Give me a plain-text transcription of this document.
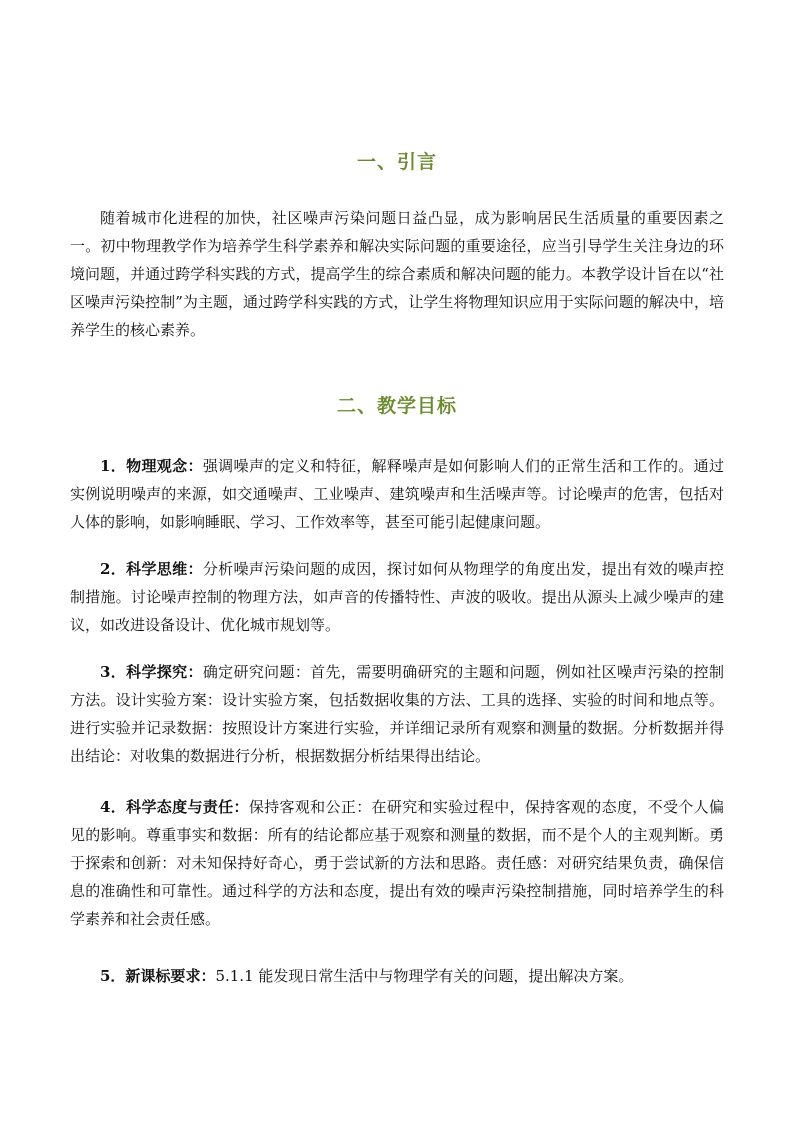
一、引言

随着城市化进程的加快，社区噪声污染问题日益凸显，成为影响居民生活质量的重要因素之一。初中物理教学作为培养学生科学素养和解决实际问题的重要途径，应当引导学生关注身边的环境问题，并通过跨学科实践的方式，提高学生的综合素质和解决问题的能力。本教学设计旨在以“社区噪声污染控制”为主题，通过跨学科实践的方式，让学生将物理知识应用于实际问题的解决中，培养学生的核心素养。

二、教学目标

1．物理观念：强调噪声的定义和特征，解释噪声是如何影响人们的正常生活和工作的。通过实例说明噪声的来源，如交通噪声、工业噪声、建筑噪声和生活噪声等。讨论噪声的危害，包括对人体的影响，如影响睡眠、学习、工作效率等，甚至可能引起健康问题。

2．科学思维：分析噪声污染问题的成因，探讨如何从物理学的角度出发，提出有效的噪声控制措施。讨论噪声控制的物理方法，如声音的传播特性、声波的吸收。提出从源头上减少噪声的建议，如改进设备设计、优化城市规划等。

3．科学探究：确定研究问题：首先，需要明确研究的主题和问题，例如社区噪声污染的控制方法。设计实验方案：设计实验方案，包括数据收集的方法、工具的选择、实验的时间和地点等。进行实验并记录数据：按照设计方案进行实验，并详细记录所有观察和测量的数据。分析数据并得出结论：对收集的数据进行分析，根据数据分析结果得出结论。

4．科学态度与责任：保持客观和公正：在研究和实验过程中，保持客观的态度，不受个人偏见的影响。尊重事实和数据：所有的结论都应基于观察和测量的数据，而不是个人的主观判断。勇于探索和创新：对未知保持好奇心，勇于尝试新的方法和思路。责任感：对研究结果负责，确保信息的准确性和可靠性。通过科学的方法和态度，提出有效的噪声污染控制措施，同时培养学生的科学素养和社会责任感。

5．新课标要求：5.1.1 能发现日常生活中与物理学有关的问题，提出解决方案。
